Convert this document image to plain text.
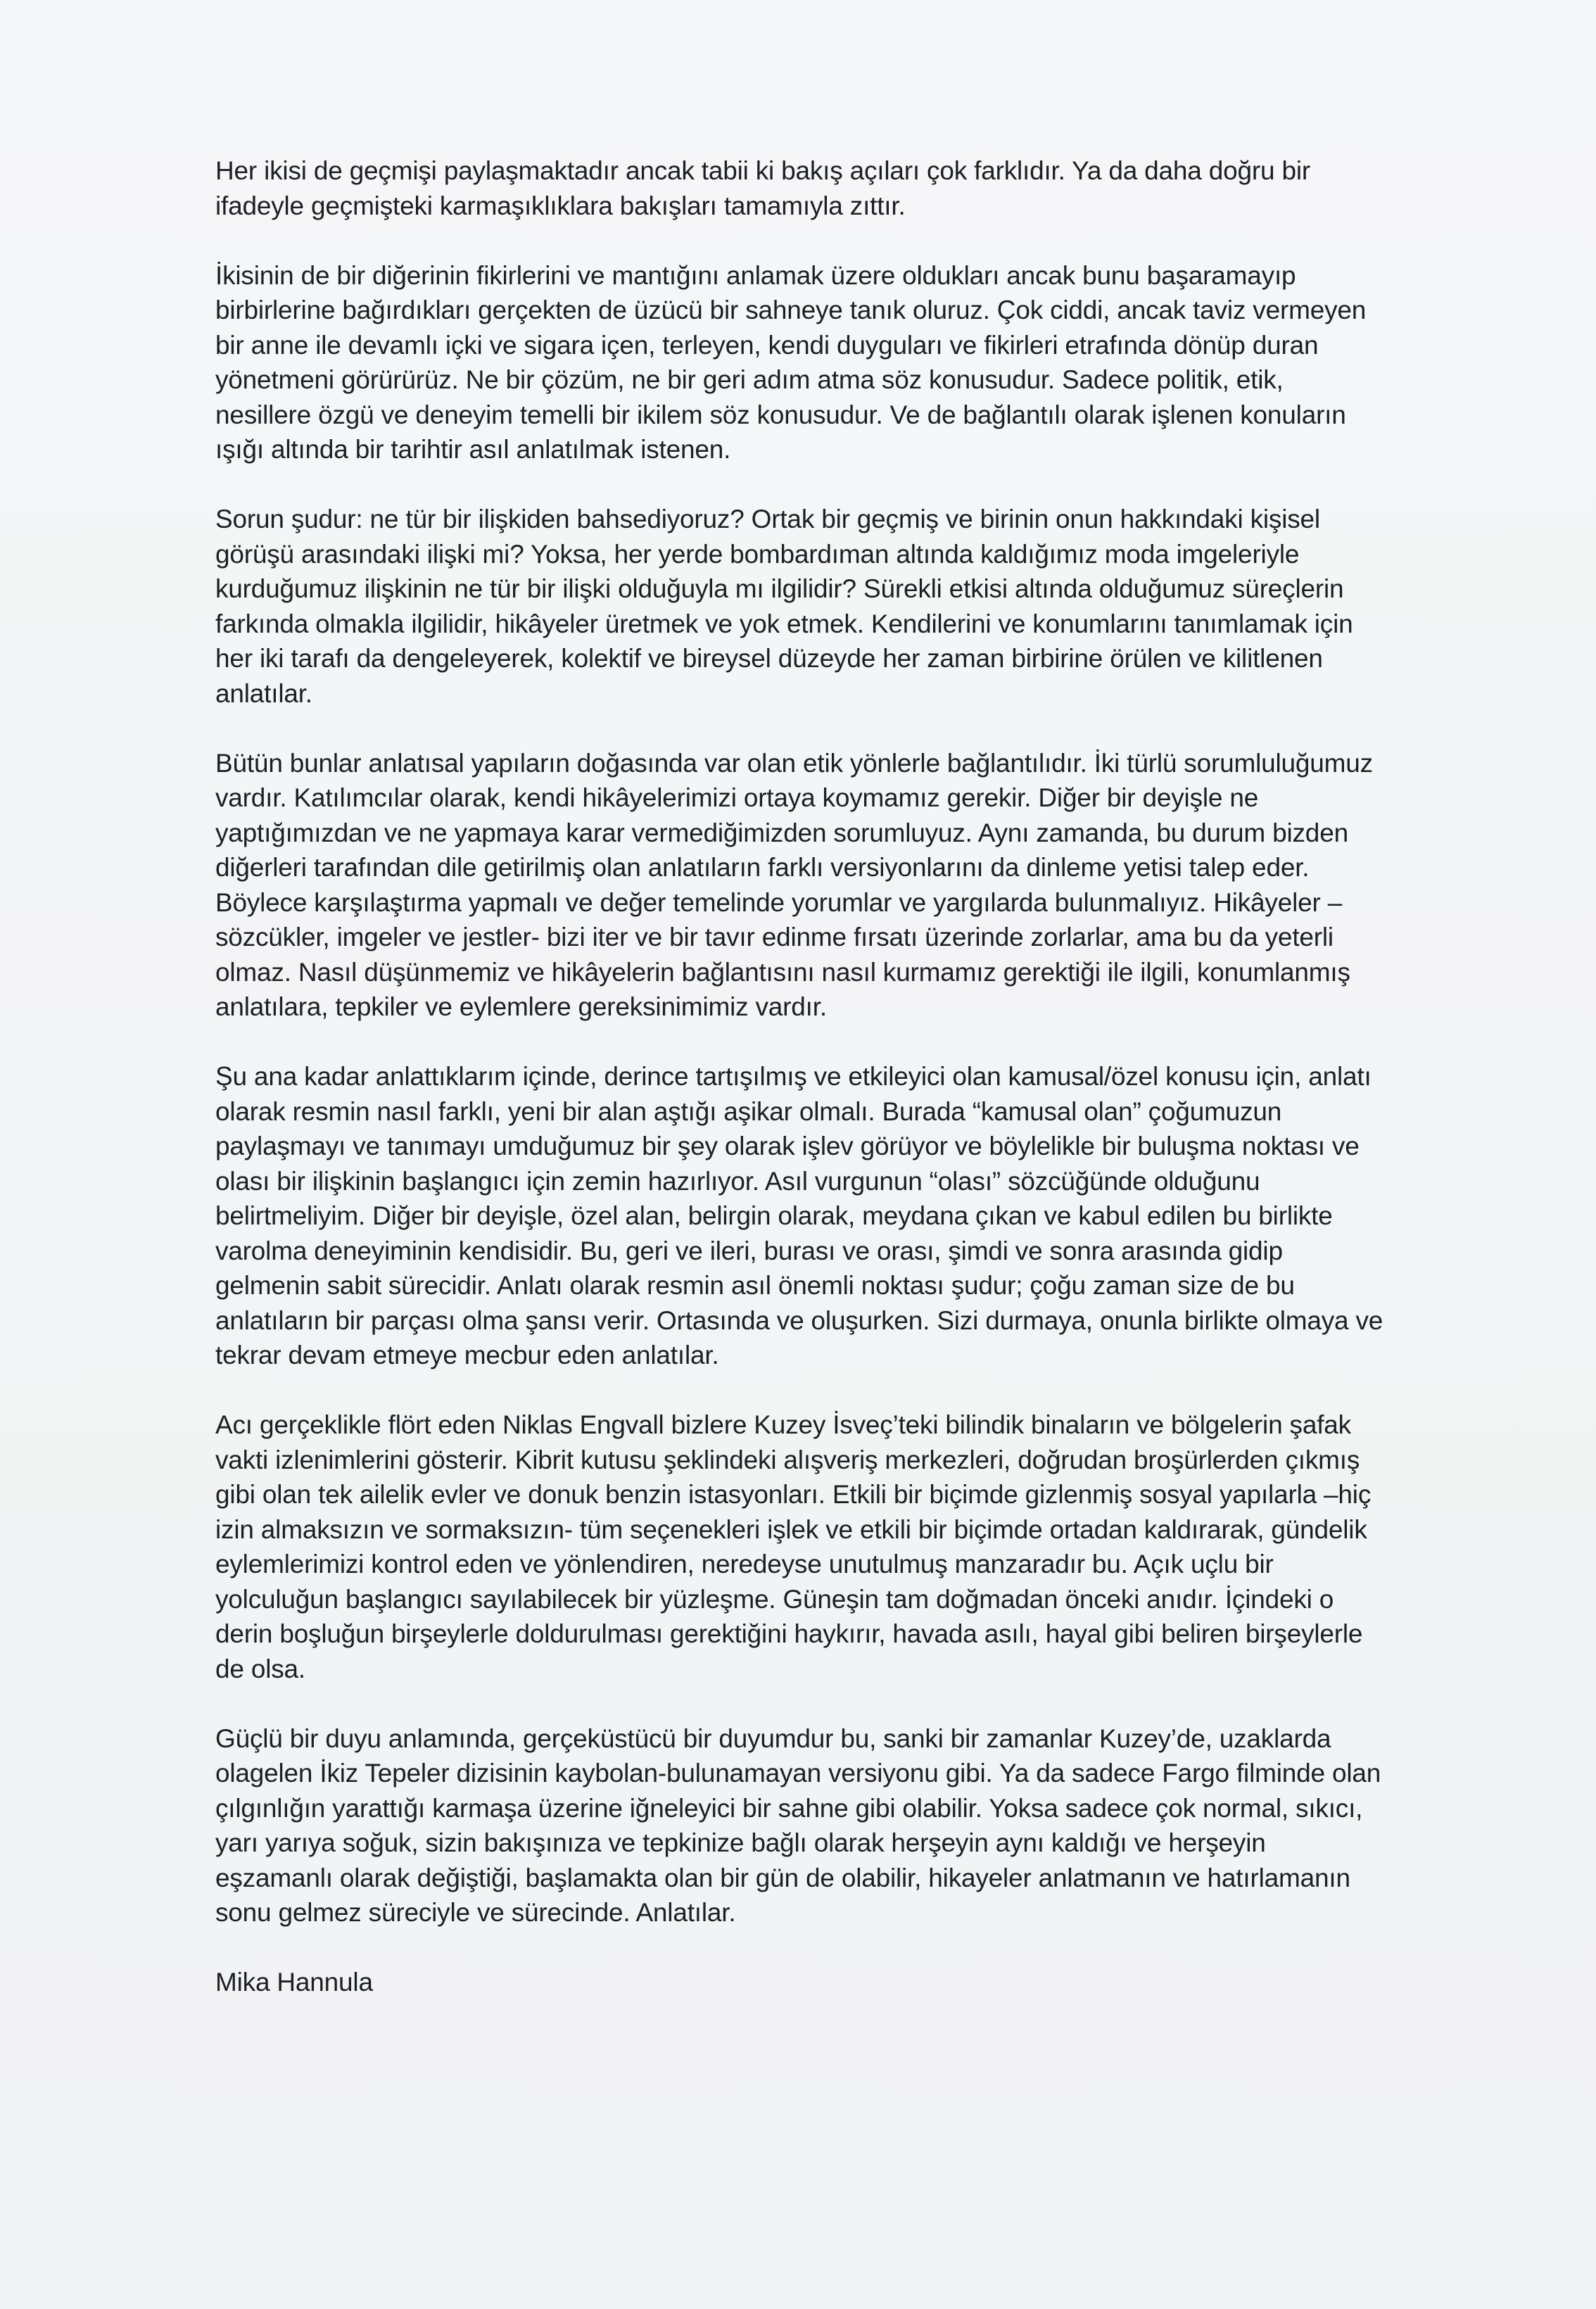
Her ikisi de geçmişi paylaşmaktadır ancak tabii ki bakış açıları çok farklıdır. Ya da daha doğru bir ifadeyle geçmişteki karmaşıklıklara bakışları tamamıyla zıttır.

İkisinin de bir diğerinin fikirlerini ve mantığını anlamak üzere oldukları ancak bunu başaramayıp birbirlerine bağırdıkları gerçekten de üzücü bir sahneye tanık oluruz. Çok ciddi, ancak taviz vermeyen bir anne ile devamlı içki ve sigara içen, terleyen, kendi duyguları ve fikirleri etrafında dönüp duran yönetmeni görürürüz. Ne bir çözüm, ne bir geri adım atma söz konusudur. Sadece politik, etik, nesillere özgü ve deneyim temelli bir ikilem söz konusudur. Ve de bağlantılı olarak işlenen konuların ışığı altında bir tarihtir asıl anlatılmak istenen.

Sorun şudur: ne tür bir ilişkiden bahsediyoruz? Ortak bir geçmiş ve birinin onun hakkındaki kişisel görüşü arasındaki ilişki mi? Yoksa, her yerde bombardıman altında kaldığımız moda imgeleriyle kurduğumuz ilişkinin ne tür bir ilişki olduğuyla mı ilgilidir? Sürekli etkisi altında olduğumuz süreçlerin farkında olmakla ilgilidir, hikâyeler üretmek ve yok etmek. Kendilerini ve konumlarını tanımlamak için her iki tarafı da dengeleyerek, kolektif ve bireysel düzeyde her zaman birbirine örülen ve kilitlenen anlatılar.

Bütün bunlar anlatısal yapıların doğasında var olan etik yönlerle bağlantılıdır. İki türlü sorumluluğumuz vardır. Katılımcılar olarak, kendi hikâyelerimizi ortaya koymamız gerekir. Diğer bir deyişle ne yaptığımızdan ve ne yapmaya karar vermediğimizden sorumluyuz. Aynı zamanda, bu durum bizden diğerleri tarafından dile getirilmiş olan anlatıların farklı versiyonlarını da dinleme yetisi talep eder. Böylece karşılaştırma yapmalı ve değer temelinde yorumlar ve yargılarda bulunmalıyız. Hikâyeler –sözcükler, imgeler ve jestler- bizi iter ve bir tavır edinme fırsatı üzerinde zorlarlar, ama bu da yeterli olmaz. Nasıl düşünmemiz ve hikâyelerin bağlantısını nasıl kurmamız gerektiği ile ilgili, konumlanmış anlatılara, tepkiler ve eylemlere gereksinimimiz vardır.

Şu ana kadar anlattıklarım içinde, derince tartışılmış ve etkileyici olan kamusal/özel konusu için, anlatı olarak resmin nasıl farklı, yeni bir alan aştığı aşikar olmalı. Burada “kamusal olan” çoğumuzun paylaşmayı ve tanımayı umduğumuz bir şey olarak işlev görüyor ve böylelikle bir buluşma noktası ve olası bir ilişkinin başlangıcı için zemin hazırlıyor. Asıl vurgunun “olası” sözcüğünde olduğunu belirtmeliyim. Diğer bir deyişle, özel alan, belirgin olarak, meydana çıkan ve kabul edilen bu birlikte varolma deneyiminin kendisidir. Bu, geri ve ileri, burası ve orası, şimdi ve sonra arasında gidip gelmenin sabit sürecidir. Anlatı olarak resmin asıl önemli noktası şudur; çoğu zaman size de bu anlatıların bir parçası olma şansı verir. Ortasında ve oluşurken. Sizi durmaya, onunla birlikte olmaya ve tekrar devam etmeye mecbur eden anlatılar.

Acı gerçeklikle flört eden Niklas Engvall bizlere Kuzey İsveç’teki bilindik binaların ve bölgelerin şafak vakti izlenimlerini gösterir. Kibrit kutusu şeklindeki alışveriş merkezleri, doğrudan broşürlerden çıkmış gibi olan tek ailelik evler ve donuk benzin istasyonları. Etkili bir biçimde gizlenmiş sosyal yapılarla –hiç izin almaksızın ve sormaksızın- tüm seçenekleri işlek ve etkili bir biçimde ortadan kaldırarak, gündelik eylemlerimizi kontrol eden ve yönlendiren, neredeyse unutulmuş manzaradır bu. Açık uçlu bir yolculuğun başlangıcı sayılabilecek bir yüzleşme. Güneşin tam doğmadan önceki anıdır. İçindeki o derin boşluğun birşeylerle doldurulması gerektiğini haykırır, havada asılı, hayal gibi beliren birşeylerle de olsa.

Güçlü bir duyu anlamında, gerçeküstücü bir duyumdur bu, sanki bir zamanlar Kuzey’de, uzaklarda olagelen İkiz Tepeler dizisinin kaybolan-bulunamayan versiyonu gibi. Ya da sadece Fargo filminde olan çılgınlığın yarattığı karmaşa üzerine iğneleyici bir sahne gibi olabilir. Yoksa sadece çok normal, sıkıcı, yarı yarıya soğuk, sizin bakışınıza ve tepkinize bağlı olarak herşeyin aynı kaldığı ve herşeyin eşzamanlı olarak değiştiği, başlamakta olan bir gün de olabilir, hikayeler anlatmanın ve hatırlamanın sonu gelmez süreciyle ve sürecinde. Anlatılar.

Mika Hannula
